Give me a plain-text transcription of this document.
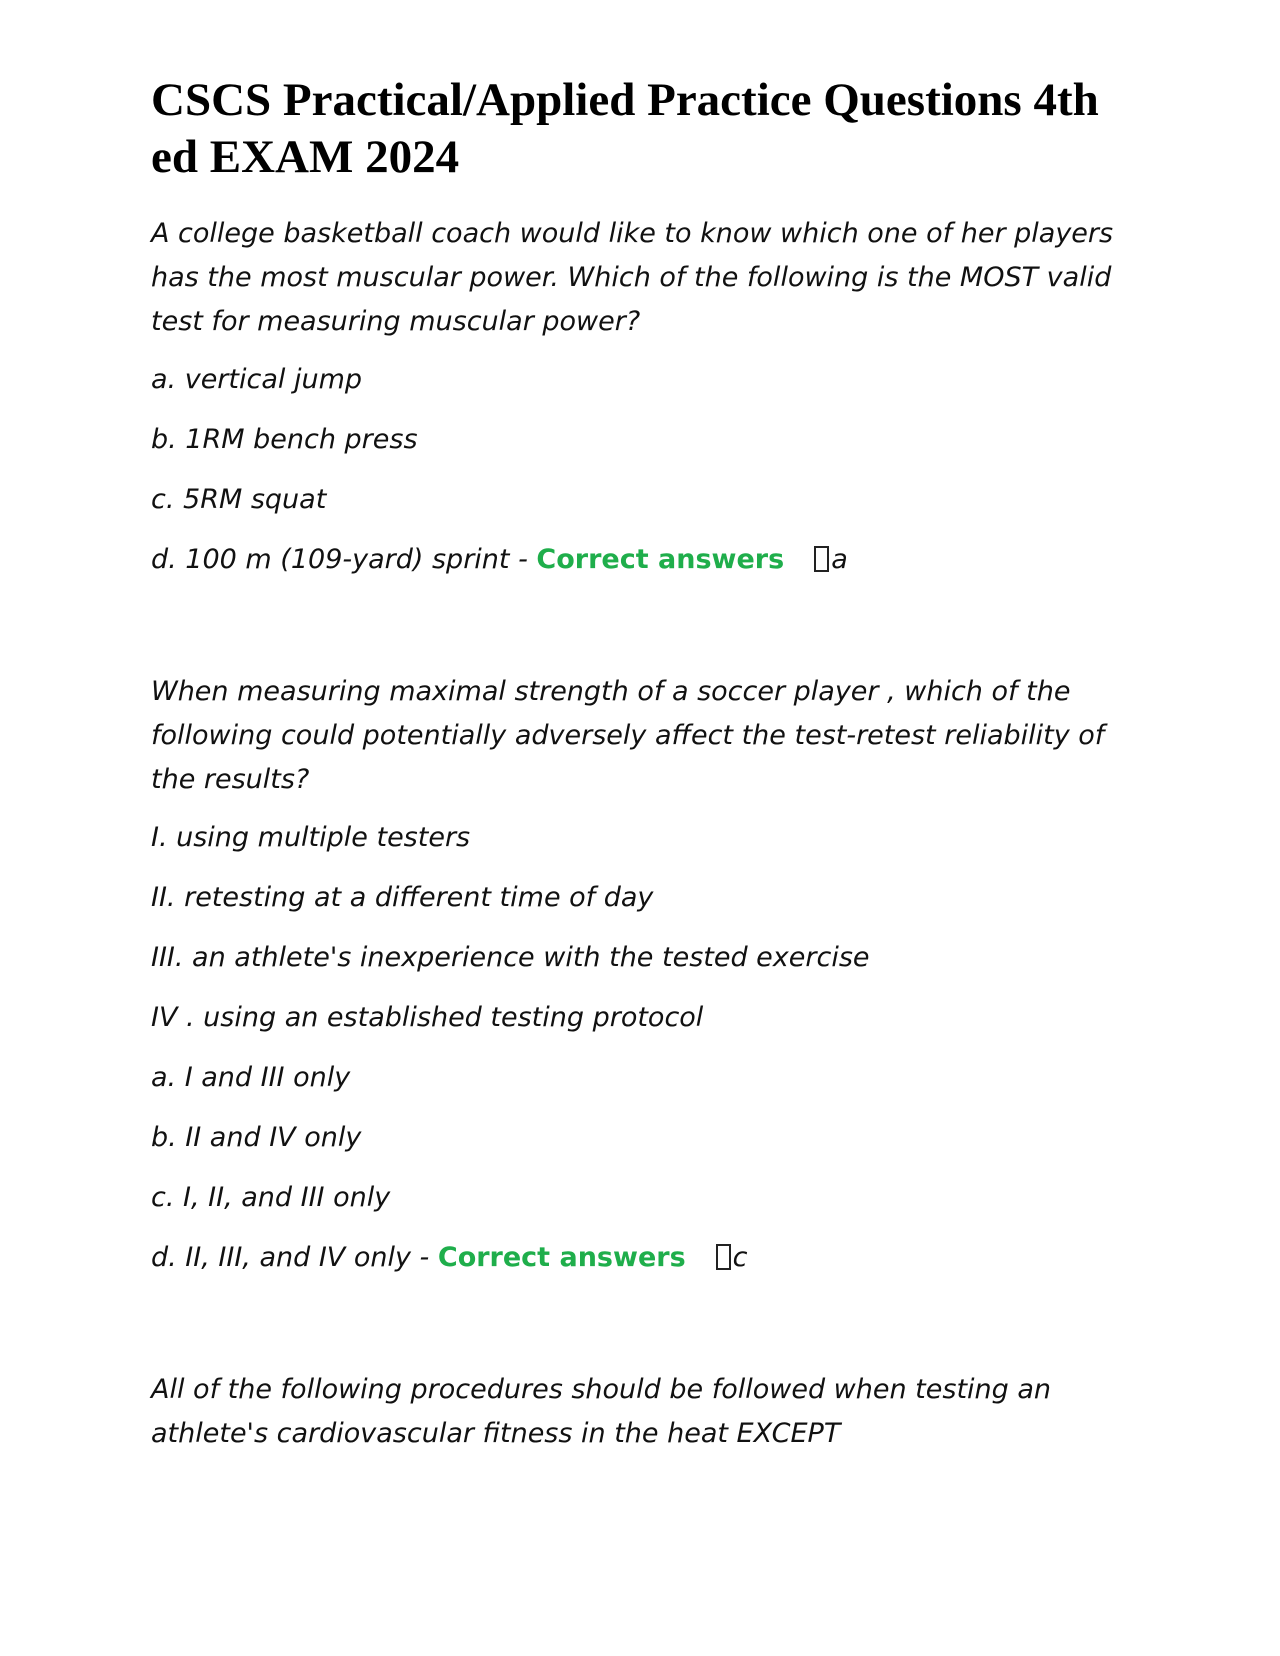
CSCS Practical/Applied Practice Questions 4th ed EXAM 2024

A college basketball coach would like to know which one of her players has the most muscular power. Which of the following is the MOST valid test for measuring muscular power?

a. vertical jump

b. 1RM bench press

c. 5RM squat

d. 100 m (109-yard) sprint - Correct answers a

When measuring maximal strength of a soccer player , which of the following could potentially adversely affect the test-retest reliability of the results?

I. using multiple testers

II. retesting at a different time of day

III. an athlete's inexperience with the tested exercise

IV . using an established testing protocol

a. I and III only

b. II and IV only

c. I, II, and III only

d. II, III, and IV only - Correct answers c

All of the following procedures should be followed when testing an athlete's cardiovascular fitness in the heat EXCEPT
